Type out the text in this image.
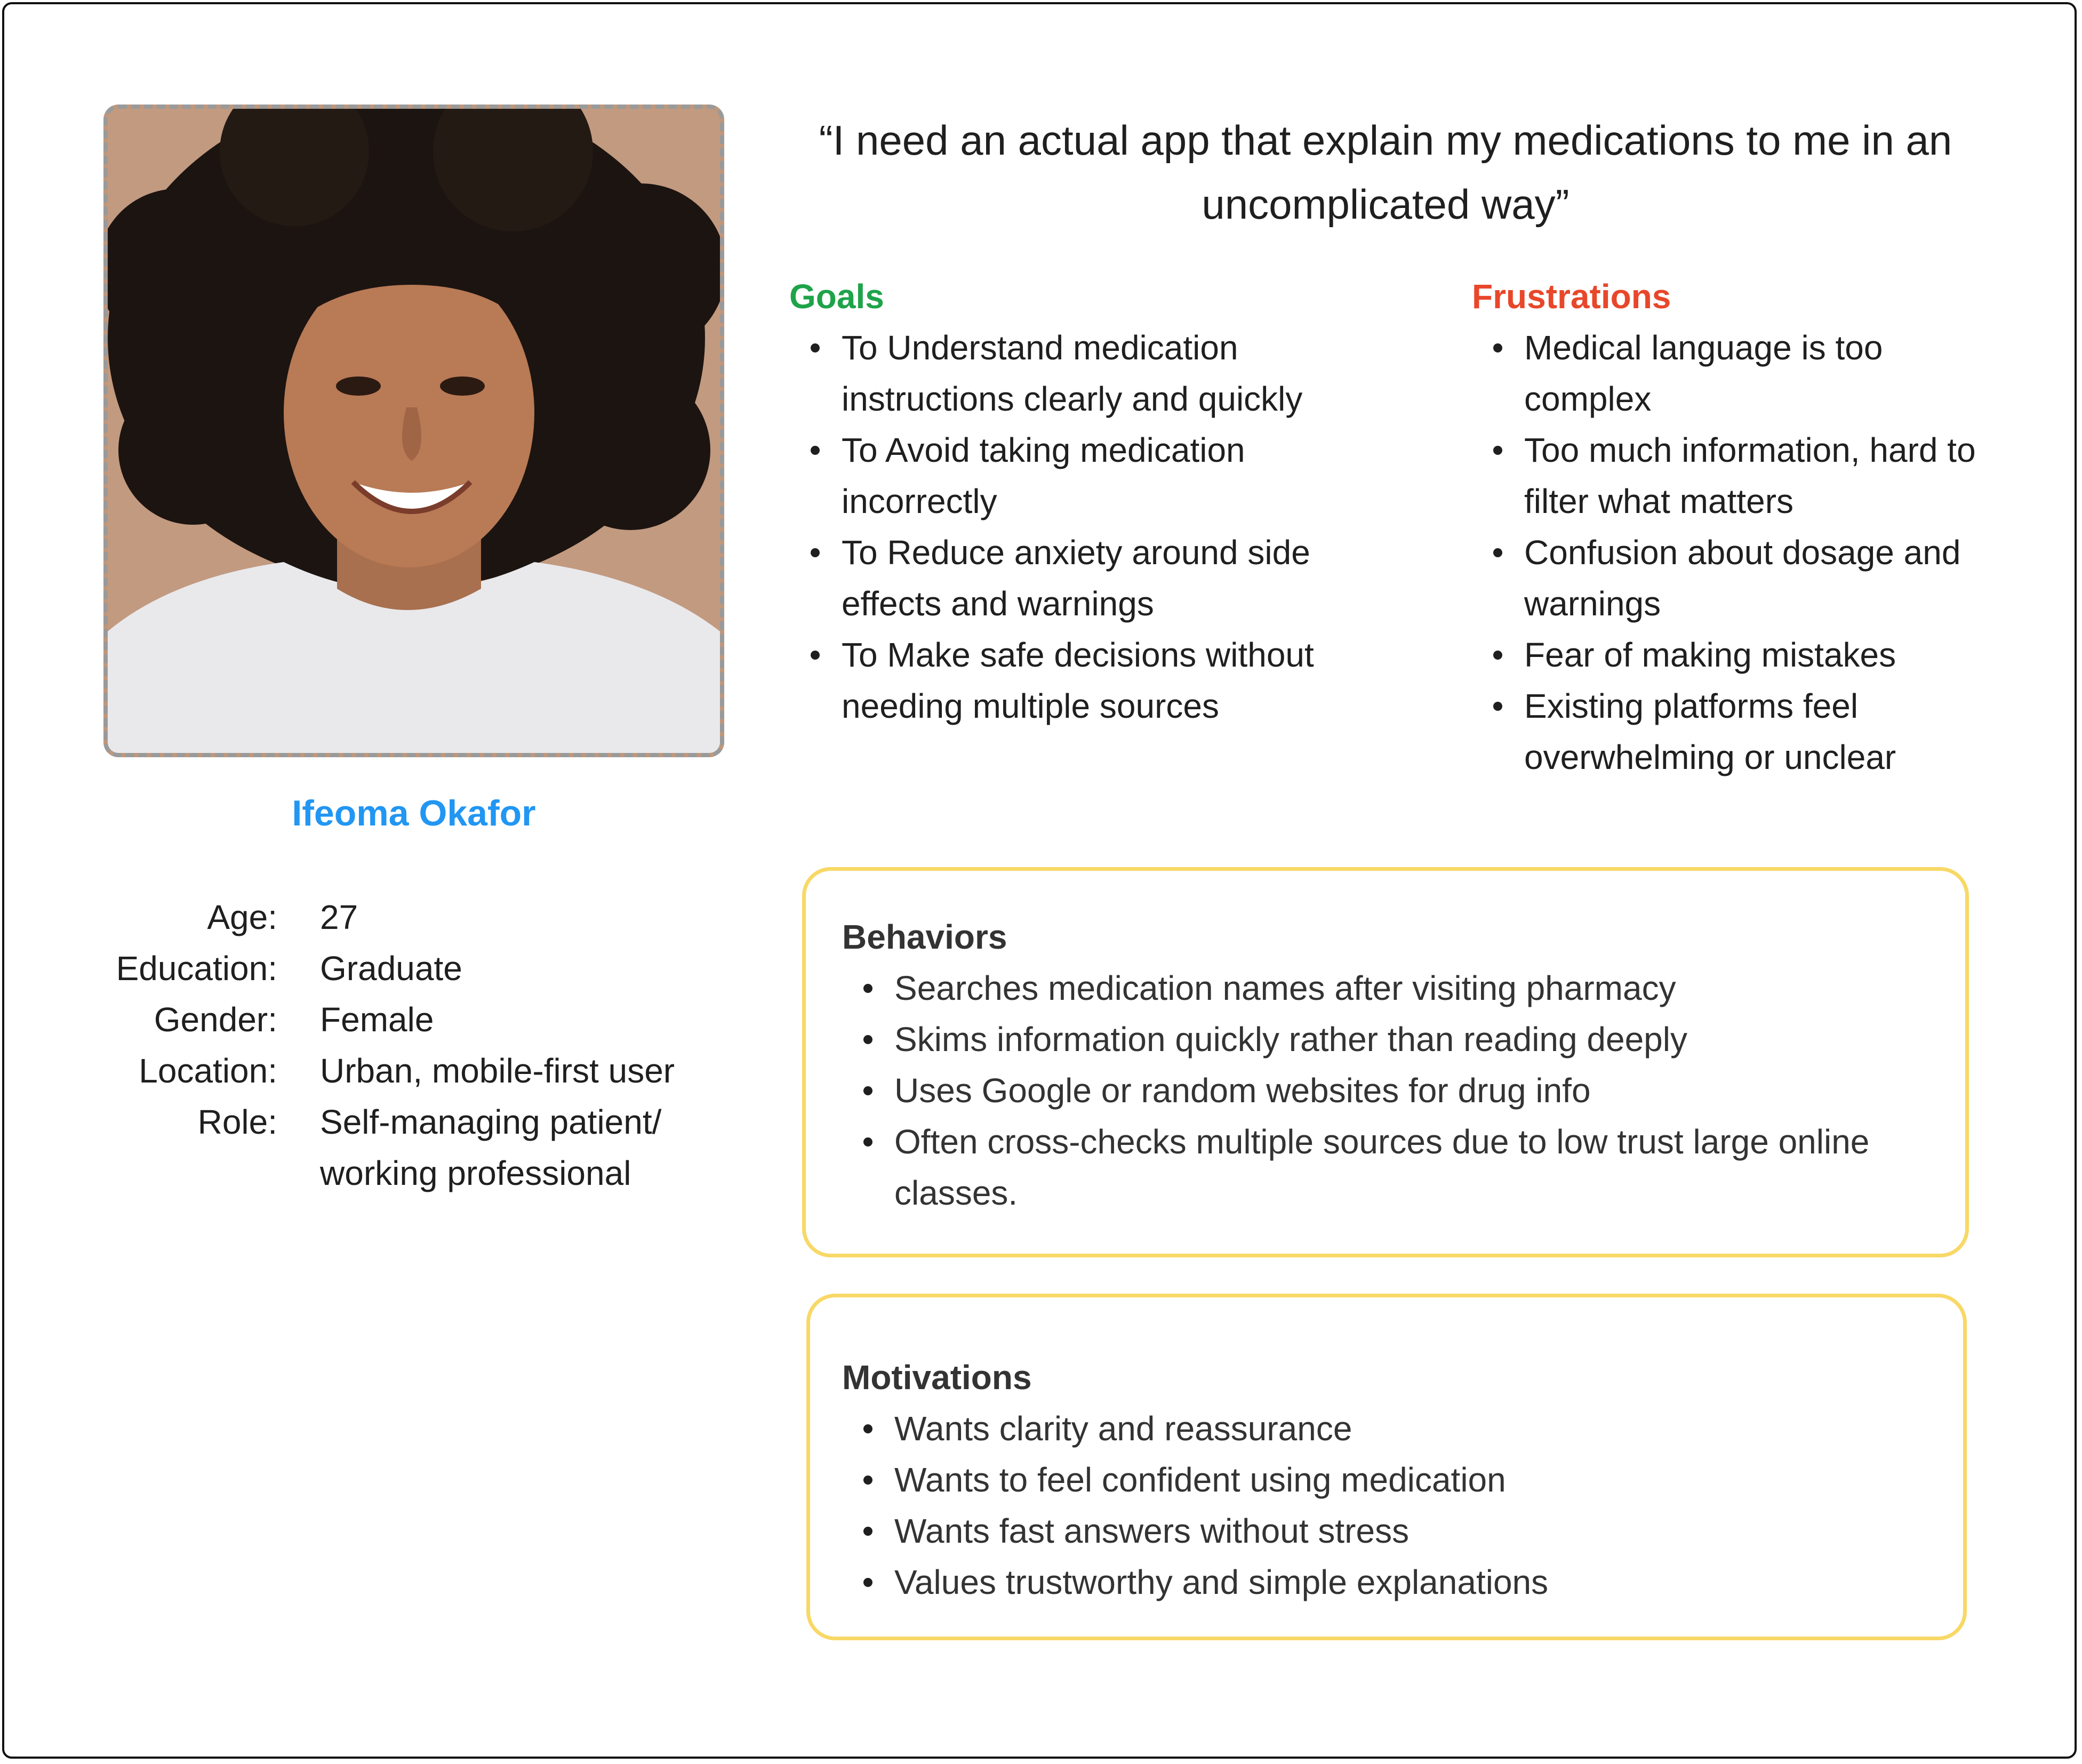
Ifeoma Okafor
Age: 27
Education: Graduate
Gender: Female
Location: Urban, mobile-first user
Role: Self-managing patient/ working professional
“I need an actual app that explain my medications to me in an uncomplicated way”
Goals
To Understand medication instructions clearly and quickly
To Avoid taking medication incorrectly
To Reduce anxiety around side effects and warnings
To Make safe decisions without needing multiple sources
Frustrations
Medical language is too complex
Too much information, hard to filter what matters
Confusion about dosage and warnings
Fear of making mistakes
Existing platforms feel overwhelming or unclear
Behaviors
Searches medication names after visiting pharmacy
Skims information quickly rather than reading deeply
Uses Google or random websites for drug info
Often cross-checks multiple sources due to low trust large online classes.
Motivations
Wants clarity and reassurance
Wants to feel confident using medication
Wants fast answers without stress
Values trustworthy and simple explanations
